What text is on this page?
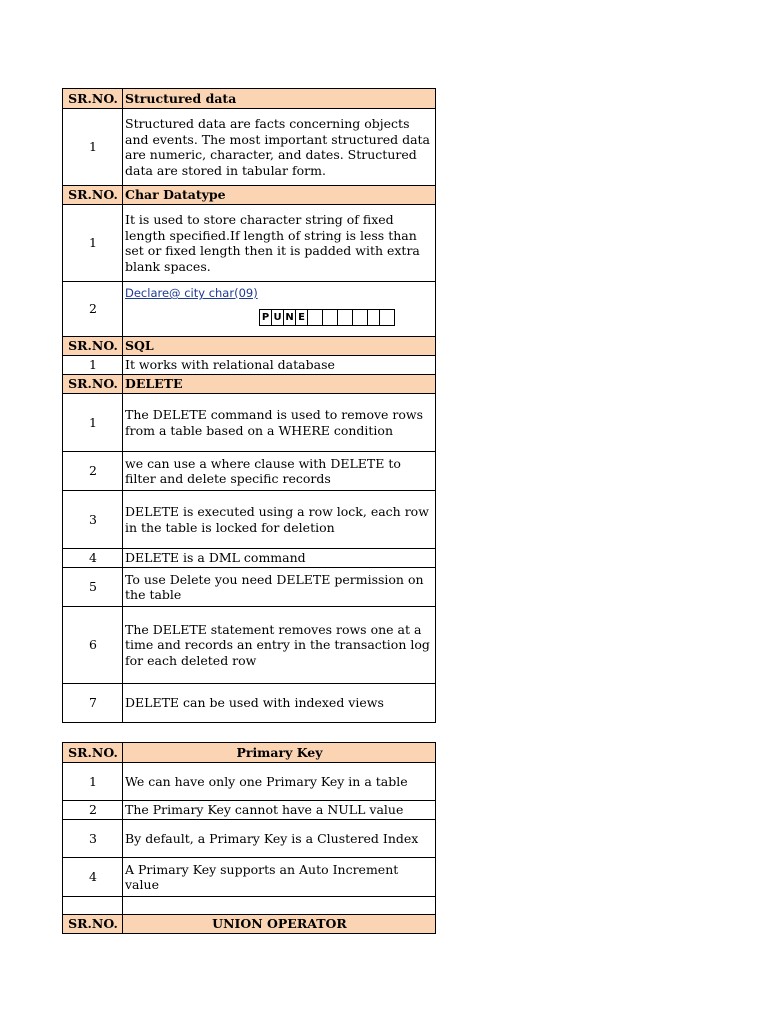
SR.NO.	Structured data
1	Structured data are facts concerning objects and events. The most important structured data are numeric, character, and dates. Structured data are stored in tabular form.
SR.NO.	Char Datatype
1	It is used to store character string of fixed length specified.If length of string is less than set or fixed length then it is padded with extra blank spaces.
2	Declare@ city char(09)
P U N E

SR.NO.	SQL
1	It works with relational database
SR.NO.	DELETE
1	The DELETE command is used to remove rows from a table based on a WHERE condition
2	we can use a where clause with DELETE to filter and delete specific records
3	DELETE is executed using a row lock, each row in the table is locked for deletion
4	DELETE is a DML command
5	To use Delete you need DELETE permission on the table
6	The DELETE statement removes rows one at a time and records an entry in the transaction log for each deleted row
7	DELETE can be used with indexed views
SR.NO.	Primary Key
1	We can have only one Primary Key in a table
2	The Primary Key cannot have a NULL value
3	By default, a Primary Key is a Clustered Index
4	A Primary Key supports an Auto Increment value

SR.NO.	UNION OPERATOR
